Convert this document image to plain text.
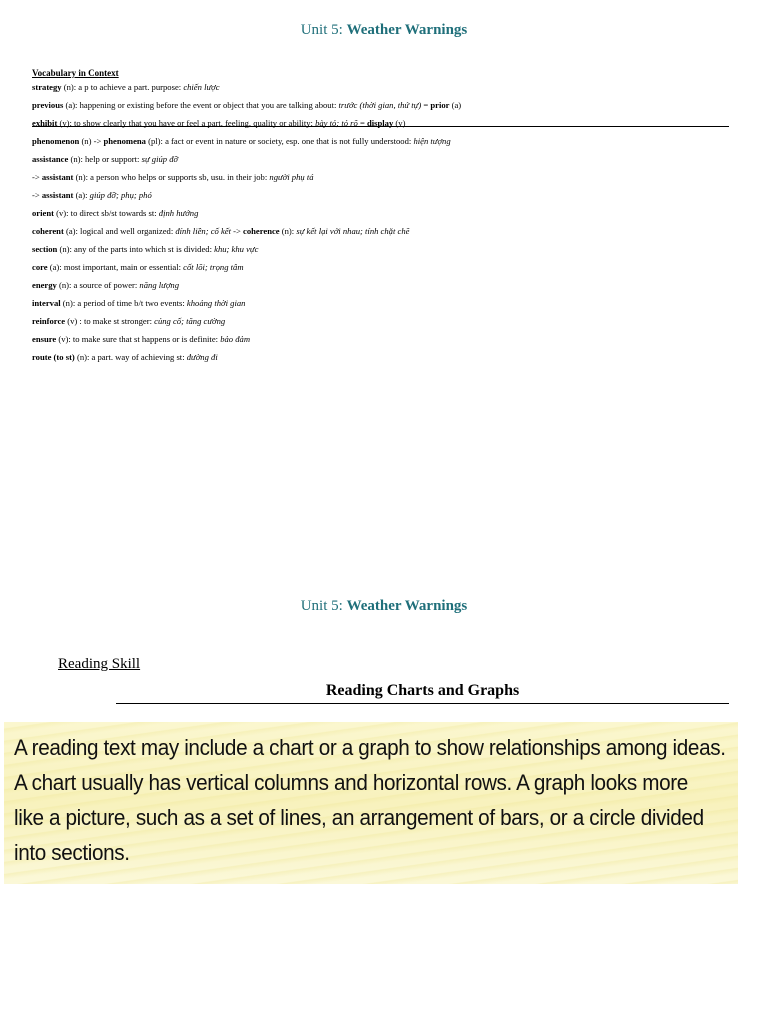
Unit 5: Weather Warnings
Vocabulary in Context
strategy (n): a p to achieve a part. purpose: chiến lược
previous (a): happening or existing before the event or object that you are talking about: trước (thời gian, thứ tự) = prior (a)
exhibit (v): to show clearly that you have or feel a part. feeling, quality or ability: bày tỏ; tỏ rõ = display (v)
phenomenon (n) -> phenomena (pl): a fact or event in nature or society, esp. one that is not fully understood: hiện tượng
assistance (n): help or support: sự giúp đỡ
-> assistant (n): a person who helps or supports sb, usu. in their job: người phụ tá
-> assistant (a): giúp đỡ; phụ; phó
orient (v): to direct sb/st towards st: định hướng
coherent (a): logical and well organized: đính liền; cố kết -> coherence (n): sự kết lại với nhau; tính chặt chẽ
section (n): any of the parts into which st is divided: khu; khu vực
core (a): most important, main or essential: cốt lõi; trọng tâm
energy (n): a source of power: năng lượng
interval (n): a period of time b/t two events: khoảng thời gian
reinforce (v) : to make st stronger: củng cố; tăng cường
ensure (v): to make sure that st happens or is definite: bảo đảm
route (to st) (n): a part. way of achieving st: đường đi
Unit 5: Weather Warnings
Reading Skill
Reading Charts and Graphs
A reading text may include a chart or a graph to show relationships among ideas.
A chart usually has vertical columns and horizontal rows. A graph looks more
like a picture, such as a set of lines, an arrangement of bars, or a circle divided
into sections.
